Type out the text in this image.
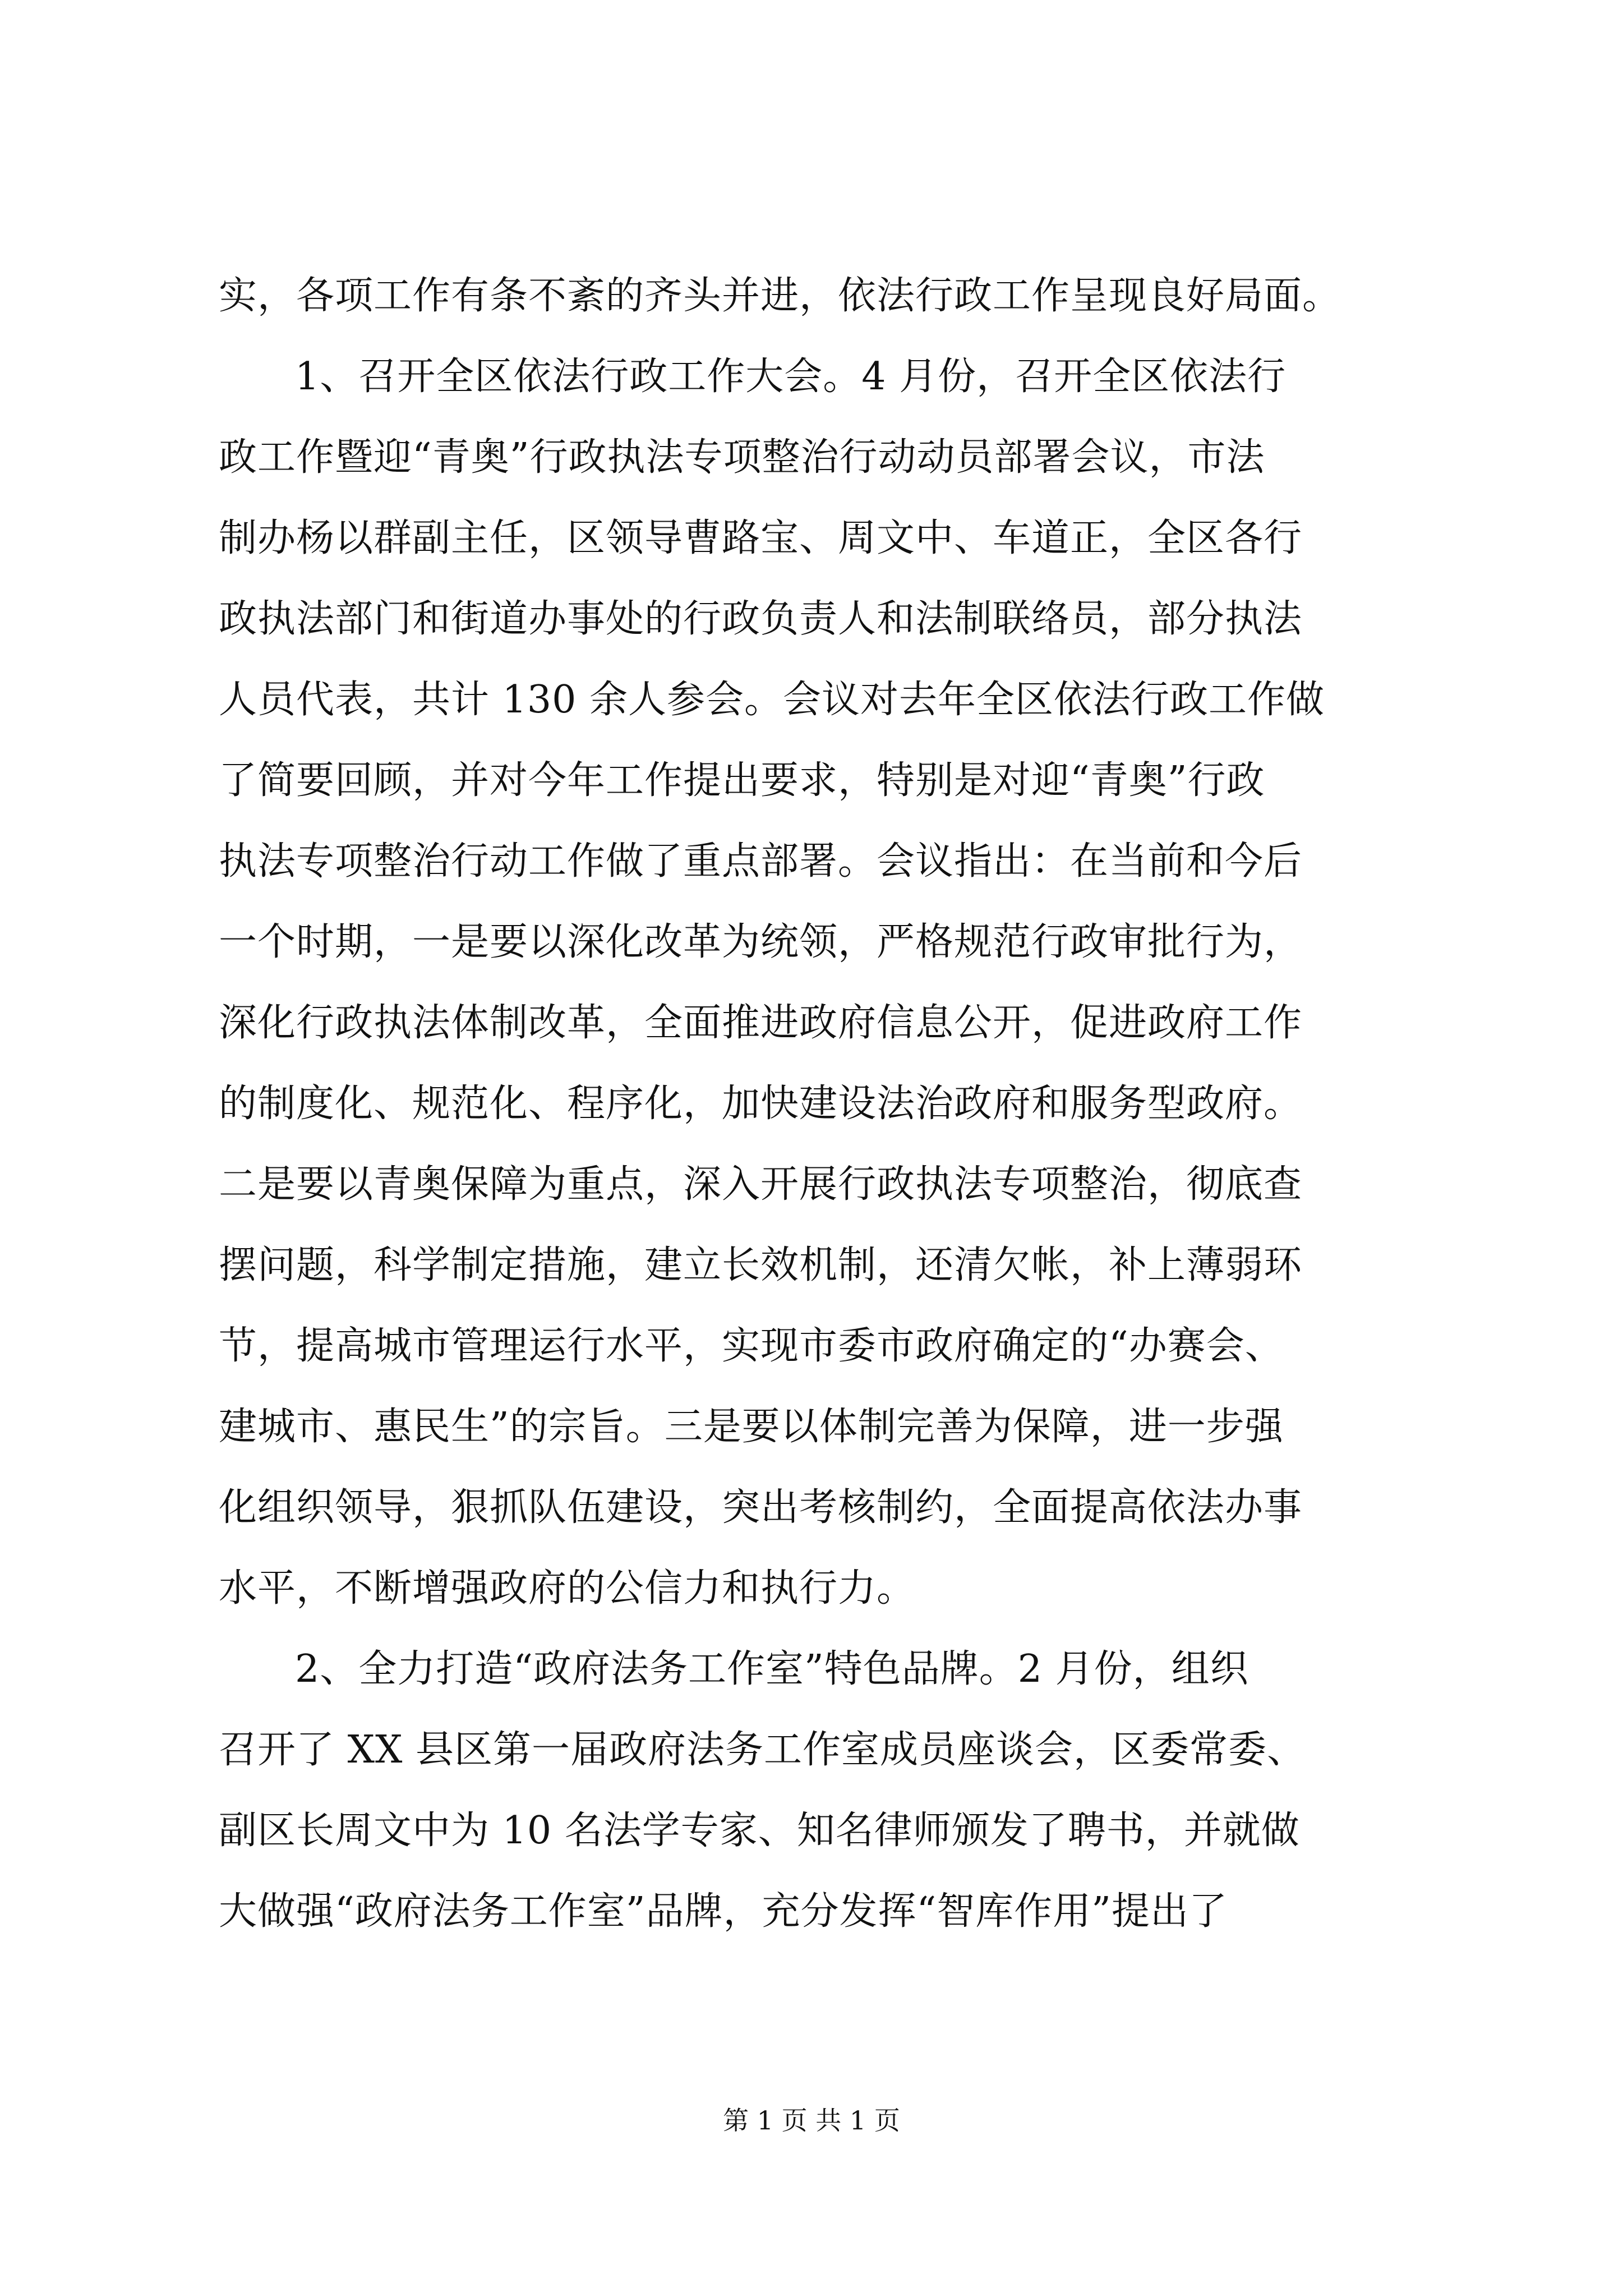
实，各项工作有条不紊的齐头并进，依法行政工作呈现良好局面。
1、召开全区依法行政工作大会。4 月份，召开全区依法行
政工作暨迎“青奥”行政执法专项整治行动动员部署会议，市法
制办杨以群副主任，区领导曹路宝、周文中、车道正，全区各行
政执法部门和街道办事处的行政负责人和法制联络员，部分执法
人员代表，共计 130 余人参会。会议对去年全区依法行政工作做
了简要回顾，并对今年工作提出要求，特别是对迎“青奥”行政
执法专项整治行动工作做了重点部署。会议指出：在当前和今后
一个时期，一是要以深化改革为统领，严格规范行政审批行为，
深化行政执法体制改革，全面推进政府信息公开，促进政府工作
的制度化、规范化、程序化，加快建设法治政府和服务型政府。
二是要以青奥保障为重点，深入开展行政执法专项整治，彻底查
摆问题，科学制定措施，建立长效机制，还清欠帐，补上薄弱环
节，提高城市管理运行水平，实现市委市政府确定的“办赛会、
建城市、惠民生”的宗旨。三是要以体制完善为保障，进一步强
化组织领导，狠抓队伍建设，突出考核制约，全面提高依法办事
水平，不断增强政府的公信力和执行力。
2、全力打造“政府法务工作室”特色品牌。2 月份，组织
召开了 XX 县区第一届政府法务工作室成员座谈会，区委常委、
副区长周文中为 10 名法学专家、知名律师颁发了聘书，并就做
大做强“政府法务工作室”品牌，充分发挥“智库作用”提出了
第 1 页 共 1 页
